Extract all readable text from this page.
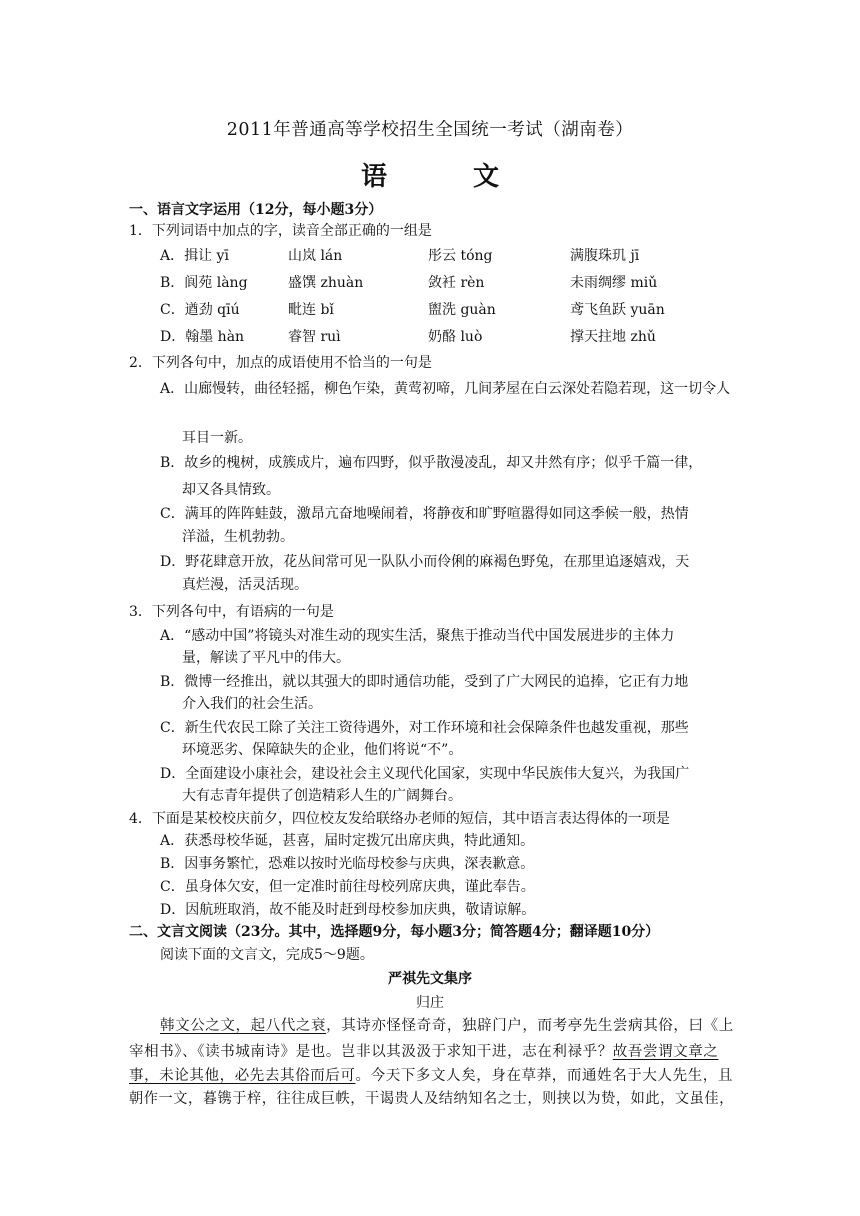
2011年普通高等学校招生全国统一考试（湖南卷）
语　文
一、语言文字运用（12分，每小题3分）
1．下列词语中加点的字，读音全部正确的一组是
A．揖让 yī	山岚 lán	彤云 tóng	满腹珠玑 jī
B．阆苑 làng	盛馔 zhuàn	敛衽 rèn	未雨绸缪 miǔ
C．遒劲 qīú	毗连 bǐ	盥洗 guàn	鸢飞鱼跃 yuān
D．翰墨 hàn	睿智 ruì	奶酪 luò	撑天拄地 zhǔ
2．下列各句中，加点的成语使用不恰当的一句是
A．山廊慢转，曲径轻摇，柳色乍染，黄莺初啼，几间茅屋在白云深处若隐若现，这一切令人
耳目一新。
B．故乡的槐树，成簇成片，遍布四野，似乎散漫凌乱，却又井然有序；似乎千篇一律，
却又各具情致。
C．满耳的阵阵蛙鼓，激昂亢奋地噪闹着，将静夜和旷野喧嚣得如同这季候一般，热情
洋溢，生机勃勃。
D．野花肆意开放，花丛间常可见一队队小而伶俐的麻褐色野兔，在那里追逐嬉戏，天
真烂漫，活灵活现。
3．下列各句中，有语病的一句是
A．“感动中国”将镜头对准生动的现实生活，聚焦于推动当代中国发展进步的主体力
量，解读了平凡中的伟大。
B．微博一经推出，就以其强大的即时通信功能，受到了广大网民的追捧，它正有力地
介入我们的社会生活。
C．新生代农民工除了关注工资待遇外，对工作环境和社会保障条件也越发重视，那些
环境恶劣、保障缺失的企业，他们将说“不”。
D．全面建设小康社会，建设社会主义现代化国家，实现中华民族伟大复兴，为我国广
大有志青年提供了创造精彩人生的广阔舞台。
4．下面是某校校庆前夕，四位校友发给联络办老师的短信，其中语言表达得体的一项是
A．获悉母校华诞，甚喜，届时定拨冗出席庆典，特此通知。
B．因事务繁忙，恐难以按时光临母校参与庆典，深表歉意。
C．虽身体欠安，但一定准时前往母校列席庆典，谨此奉告。
D．因航班取消，故不能及时赶到母校参加庆典，敬请谅解。
二、文言文阅读（23分。其中，选择题9分，每小题3分；简答题4分；翻译题10分）
阅读下面的文言文，完成5～9题。
严祺先文集序
归庄
韩文公之文，起八代之衰，其诗亦怪怪奇奇，独辟门户，而考亭先生尝病其俗，曰《上
宰相书》、《读书城南诗》是也。岂非以其汲汲于求知干进，志在利禄乎？故吾尝谓文章之
事，未论其他，必先去其俗而后可。今天下多文人矣，身在草莽，而通姓名于大人先生，且
朝作一文，暮镌于梓，往往成巨帙，干谒贵人及结纳知名之士，则挟以为贽，如此，文虽佳，
